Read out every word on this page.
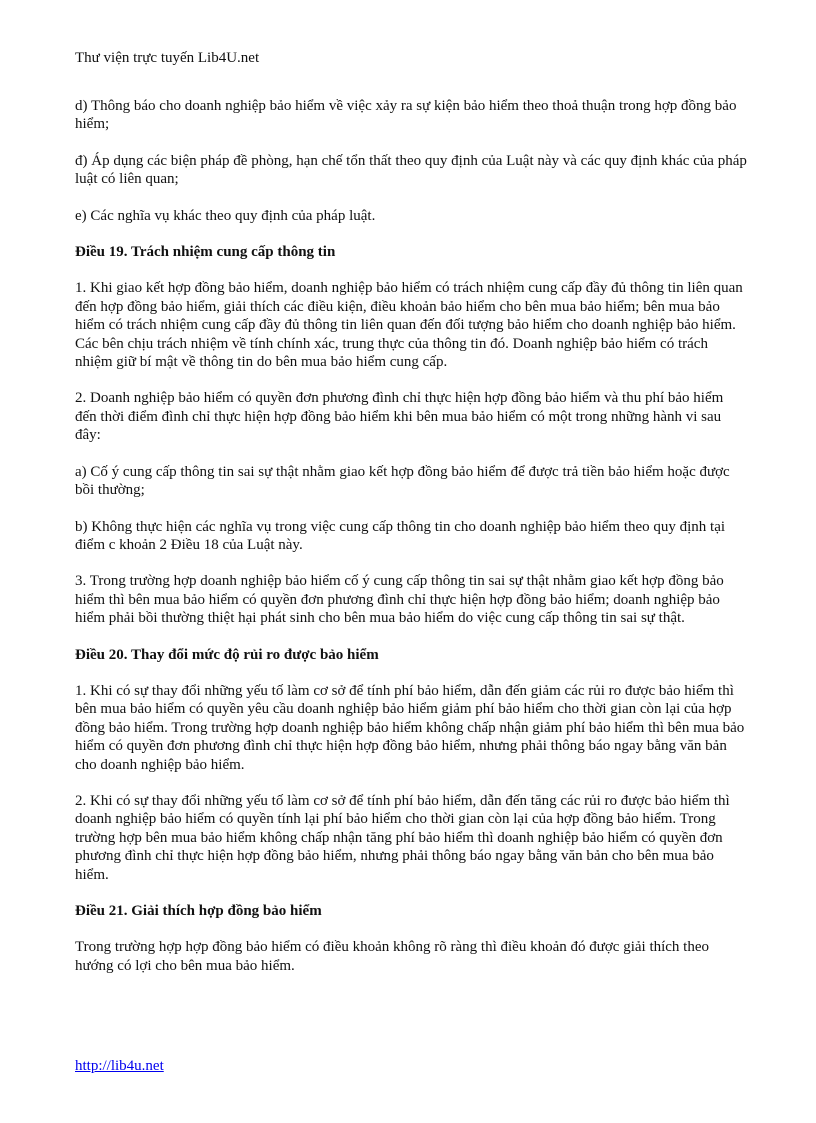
Thư viện trực tuyến Lib4U.net

d) Thông báo cho doanh nghiệp bảo hiểm về việc xảy ra sự kiện bảo hiểm theo thoả thuận trong hợp đồng bảo hiểm;

đ) Áp dụng các biện pháp đề phòng, hạn chế tổn thất theo quy định của Luật này và các quy định khác của pháp luật có liên quan;

e) Các nghĩa vụ khác theo quy định của pháp luật.

Điều 19. Trách nhiệm cung cấp thông tin

1. Khi giao kết hợp đồng bảo hiểm, doanh nghiệp bảo hiểm có trách nhiệm cung cấp đầy đủ thông tin liên quan đến hợp đồng bảo hiểm, giải thích các điều kiện, điều khoản bảo hiểm cho bên mua bảo hiểm; bên mua bảo hiểm có trách nhiệm cung cấp đầy đủ thông tin liên quan đến đối tượng bảo hiểm cho doanh nghiệp bảo hiểm. Các bên chịu trách nhiệm về tính chính xác, trung thực của thông tin đó. Doanh nghiệp bảo hiểm có trách nhiệm giữ bí mật về thông tin do bên mua bảo hiểm cung cấp.

2. Doanh nghiệp bảo hiểm có quyền đơn phương đình chỉ thực hiện hợp đồng bảo hiểm và thu phí bảo hiểm đến thời điểm đình chỉ thực hiện hợp đồng bảo hiểm khi bên mua bảo hiểm có một trong những hành vi sau đây:

a) Cố ý cung cấp thông tin sai sự thật nhằm giao kết hợp đồng bảo hiểm để được trả tiền bảo hiểm hoặc được bồi thường;

b) Không thực hiện các nghĩa vụ trong việc cung cấp thông tin cho doanh nghiệp bảo hiểm theo quy định tại điểm c khoản 2 Điều 18 của Luật này.

3. Trong trường hợp doanh nghiệp bảo hiểm cố ý cung cấp thông tin sai sự thật nhằm giao kết hợp đồng bảo hiểm thì bên mua bảo hiểm có quyền đơn phương đình chỉ thực hiện hợp đồng bảo hiểm; doanh nghiệp bảo hiểm phải bồi thường thiệt hại phát sinh cho bên mua bảo hiểm do việc cung cấp thông tin sai sự thật.

Điều 20. Thay đổi mức độ rủi ro được bảo hiểm

1. Khi có sự thay đổi những yếu tố làm cơ sở để tính phí bảo hiểm, dẫn đến giảm các rủi ro được bảo hiểm thì bên mua bảo hiểm có quyền yêu cầu doanh nghiệp bảo hiểm giảm phí bảo hiểm cho thời gian còn lại của hợp đồng bảo hiểm. Trong trường hợp doanh nghiệp bảo hiểm không chấp nhận giảm phí bảo hiểm thì bên mua bảo hiểm có quyền đơn phương đình chỉ thực hiện hợp đồng bảo hiểm, nhưng phải thông báo ngay bằng văn bản cho doanh nghiệp bảo hiểm.

2. Khi có sự thay đổi những yếu tố làm cơ sở để tính phí bảo hiểm, dẫn đến tăng các rủi ro được bảo hiểm thì doanh nghiệp bảo hiểm có quyền tính lại phí bảo hiểm cho thời gian còn lại của hợp đồng bảo hiểm. Trong trường hợp bên mua bảo hiểm không chấp nhận tăng phí bảo hiểm thì doanh nghiệp bảo hiểm có quyền đơn phương đình chỉ thực hiện hợp đồng bảo hiểm, nhưng phải thông báo ngay bằng văn bản cho bên mua bảo hiểm.

Điều 21. Giải thích hợp đồng bảo hiểm

Trong trường hợp hợp đồng bảo hiểm có điều khoản không rõ ràng thì điều khoản đó được giải thích theo hướng có lợi cho bên mua bảo hiểm.

http://lib4u.net
